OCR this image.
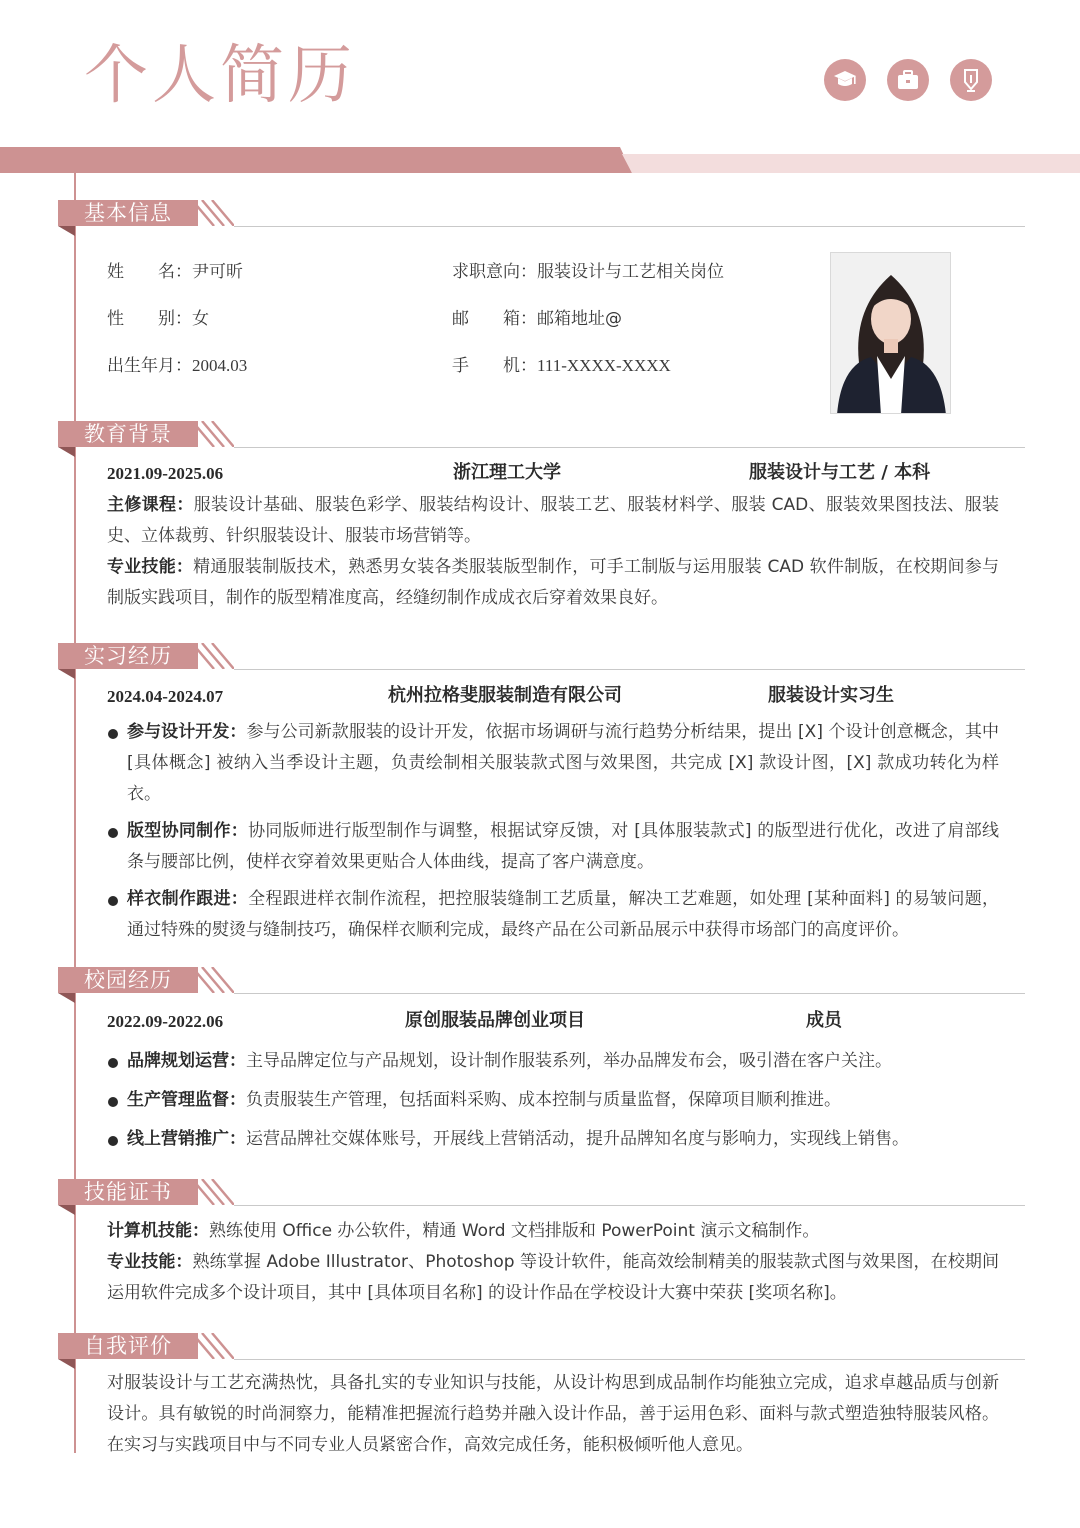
个人简历
基本信息
姓　　名：尹可昕
性　　别：女
出生年月：2004.03
求职意向：服装设计与工艺相关岗位
邮　　箱：邮箱地址@
手　　机：111-XXXX-XXXX
教育背景
2021.09-2025.06	浙江理工大学	服装设计与工艺 / 本科
主修课程：服装设计基础、服装色彩学、服装结构设计、服装工艺、服装材料学、服装 CAD、服装效果图技法、服装史、立体裁剪、针织服装设计、服装市场营销等。
专业技能：精通服装制版技术，熟悉男女装各类服装版型制作，可手工制版与运用服装 CAD 软件制版，在校期间参与制版实践项目，制作的版型精准度高，经缝纫制作成成衣后穿着效果良好。
实习经历
2024.04-2024.07	杭州拉格斐服装制造有限公司	服装设计实习生
参与设计开发：参与公司新款服装的设计开发，依据市场调研与流行趋势分析结果，提出 [X] 个设计创意概念，其中 [具体概念] 被纳入当季设计主题，负责绘制相关服装款式图与效果图，共完成 [X] 款设计图，[X] 款成功转化为样衣。
版型协同制作：协同版师进行版型制作与调整，根据试穿反馈，对 [具体服装款式] 的版型进行优化，改进了肩部线条与腰部比例，使样衣穿着效果更贴合人体曲线，提高了客户满意度。
样衣制作跟进：全程跟进样衣制作流程，把控服装缝制工艺质量，解决工艺难题，如处理 [某种面料] 的易皱问题，通过特殊的熨烫与缝制技巧，确保样衣顺利完成，最终产品在公司新品展示中获得市场部门的高度评价。
校园经历
2022.09-2022.06	原创服装品牌创业项目	成员
品牌规划运营：主导品牌定位与产品规划，设计制作服装系列，举办品牌发布会，吸引潜在客户关注。
生产管理监督：负责服装生产管理，包括面料采购、成本控制与质量监督，保障项目顺利推进。
线上营销推广：运营品牌社交媒体账号，开展线上营销活动，提升品牌知名度与影响力，实现线上销售。
技能证书
计算机技能：熟练使用 Office 办公软件，精通 Word 文档排版和 PowerPoint 演示文稿制作。
专业技能：熟练掌握 Adobe Illustrator、Photoshop 等设计软件，能高效绘制精美的服装款式图与效果图，在校期间运用软件完成多个设计项目，其中 [具体项目名称] 的设计作品在学校设计大赛中荣获 [奖项名称]。
自我评价
对服装设计与工艺充满热忱，具备扎实的专业知识与技能，从设计构思到成品制作均能独立完成，追求卓越品质与创新设计。具有敏锐的时尚洞察力，能精准把握流行趋势并融入设计作品，善于运用色彩、面料与款式塑造独特服装风格。在实习与实践项目中与不同专业人员紧密合作，高效完成任务，能积极倾听他人意见。
